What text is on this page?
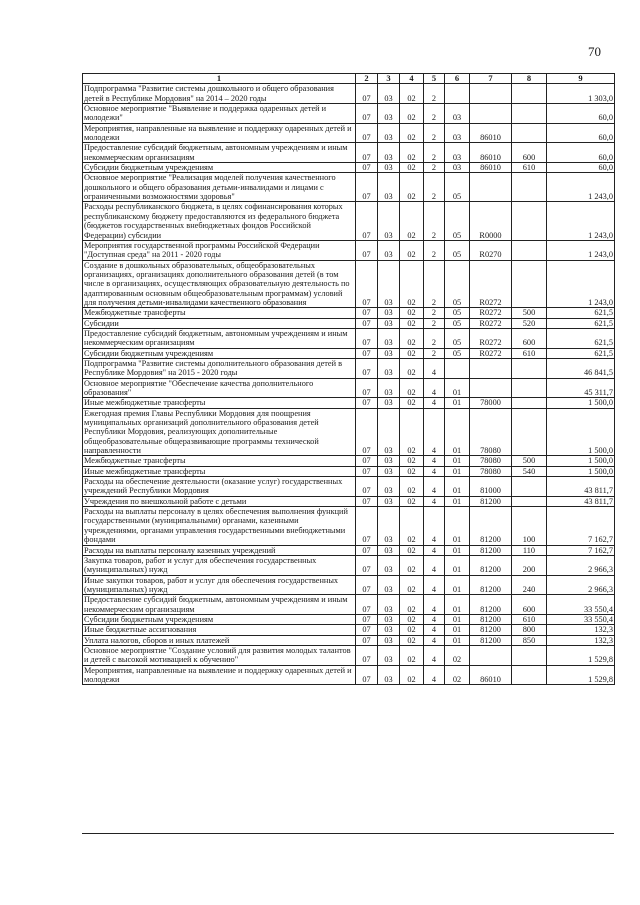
70
1	2	3	4	5	6	7	8	9
Подпрограмма "Развитие системы дошкольного и общего образования детей в Республике Мордовия" на 2014 – 2020 годы	07	03	02	2				1 303,0
Основное мероприятие "Выявление и поддержка одаренных детей и молодежи"	07	03	02	2	03			60,0
Мероприятия, направленные на выявление и поддержку одаренных детей и молодежи	07	03	02	2	03	86010		60,0
Предоставление субсидий бюджетным, автономным учреждениям и иным некоммерческим организациям	07	03	02	2	03	86010	600	60,0
Субсидии бюджетным учреждениям	07	03	02	2	03	86010	610	60,0
Основное мероприятие "Реализация моделей получения качественного дошкольного и общего образования детьми-инвалидами и лицами с ограниченными возможностями здоровья"	07	03	02	2	05			1 243,0
Расходы республиканского бюджета, в целях софинансирования которых республиканскому бюджету предоставляются из федерального бюджета (бюджетов государственных внебюджетных фондов Российской Федерации) субсидии	07	03	02	2	05	R0000		1 243,0
Мероприятия государственной программы Российской Федерации "Доступная среда" на 2011 - 2020 годы	07	03	02	2	05	R0270		1 243,0
Создание в дошкольных образовательных, общеобразовательных организациях, организациях дополнительного образования детей (в том числе в организациях, осуществляющих образовательную деятельность по адаптированным основным общеобразовательным программам) условий для получения детьми-инвалидами качественного образования	07	03	02	2	05	R0272		1 243,0
Межбюджетные трансферты	07	03	02	2	05	R0272	500	621,5
Субсидии	07	03	02	2	05	R0272	520	621,5
Предоставление субсидий бюджетным, автономным учреждениям и иным некоммерческим организациям	07	03	02	2	05	R0272	600	621,5
Субсидии бюджетным учреждениям	07	03	02	2	05	R0272	610	621,5
Подпрограмма "Развитие системы дополнительного образования детей в Республике Мордовия" на 2015 - 2020 годы	07	03	02	4				46 841,5
Основное мероприятие "Обеспечение качества дополнительного образования"	07	03	02	4	01			45 311,7
Иные межбюджетные трансферты	07	03	02	4	01	78000		1 500,0
Ежегодная премия Главы Республики Мордовия для поощрения муниципальных организаций дополнительного образования детей Республики Мордовия, реализующих дополнительные общеобразовательные общеразвивающие программы технической направленности	07	03	02	4	01	78080		1 500,0
Межбюджетные трансферты	07	03	02	4	01	78080	500	1 500,0
Иные межбюджетные трансферты	07	03	02	4	01	78080	540	1 500,0
Расходы на обеспечение деятельности (оказание услуг) государственных учреждений Республики Мордовия	07	03	02	4	01	81000		43 811,7
Учреждения по внешкольной работе с детьми	07	03	02	4	01	81200		43 811,7
Расходы на выплаты персоналу в целях обеспечения выполнения функций государственными (муниципальными) органами, казенными учреждениями, органами управления государственными внебюджетными фондами	07	03	02	4	01	81200	100	7 162,7
Расходы на выплаты персоналу казенных учреждений	07	03	02	4	01	81200	110	7 162,7
Закупка товаров, работ и услуг для обеспечения государственных (муниципальных) нужд	07	03	02	4	01	81200	200	2 966,3
Иные закупки товаров, работ и услуг для обеспечения государственных (муниципальных) нужд	07	03	02	4	01	81200	240	2 966,3
Предоставление субсидий бюджетным, автономным учреждениям и иным некоммерческим организациям	07	03	02	4	01	81200	600	33 550,4
Субсидии бюджетным учреждениям	07	03	02	4	01	81200	610	33 550,4
Иные бюджетные ассигнования	07	03	02	4	01	81200	800	132,3
Уплата налогов, сборов и иных платежей	07	03	02	4	01	81200	850	132,3
Основное мероприятие "Создание условий для развития молодых талантов и детей с высокой мотивацией к обучению"	07	03	02	4	02			1 529,8
Мероприятия, направленные на выявление и поддержку одаренных детей и молодежи	07	03	02	4	02	86010		1 529,8
